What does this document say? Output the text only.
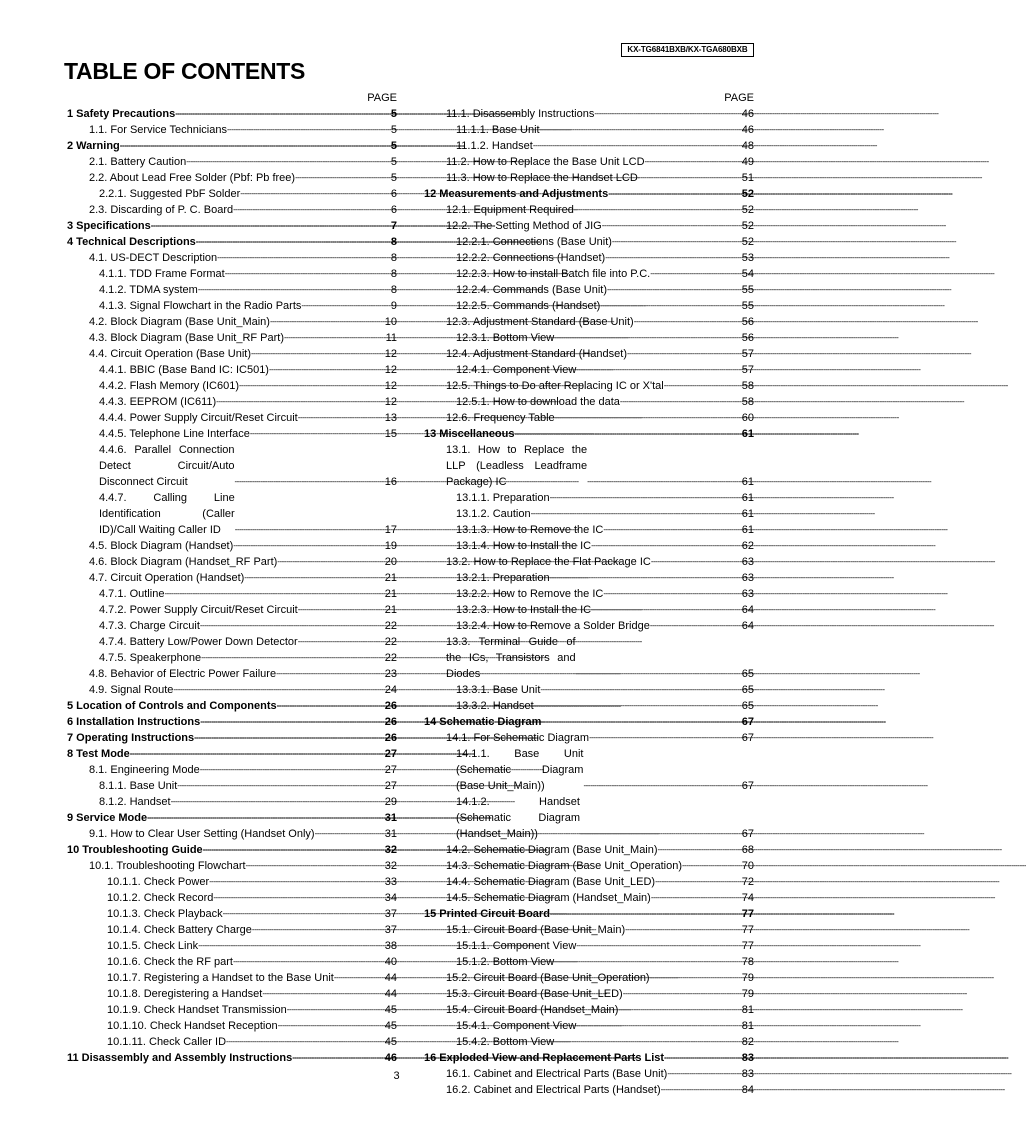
KX-TG6841BXB/KX-TGA680BXB
TABLE OF CONTENTS
PAGE
1 Safety Precautions -----	5
1.1. For Service Technicians -----	5
2 Warning -----	5
2.1. Battery Caution -----	5
2.2. About Lead Free Solder (Pbf: Pb free) -----	5
2.2.1. Suggested PbF Solder -----	6
2.3. Discarding of P. C. Board -----	6
3 Specifications -----	7
4 Technical Descriptions -----	8
4.1. US-DECT Description -----	8
4.1.1. TDD Frame Format -----	8
4.1.2. TDMA system -----	8
4.1.3. Signal Flowchart in the Radio Parts -----	9
4.2. Block Diagram (Base Unit_Main) -----	10
4.3. Block Diagram (Base Unit_RF Part) -----	11
4.4. Circuit Operation (Base Unit) -----	12
4.4.1. BBIC (Base Band IC: IC501) -----	12
4.4.2. Flash Memory (IC601) -----	12
4.4.3. EEPROM (IC611) -----	12
4.4.4. Power Supply Circuit/Reset Circuit -----	13
4.4.5. Telephone Line Interface -----	15
4.4.6. Parallel Connection Detect Circuit/Auto Disconnect Circuit -----	16
4.4.7. Calling Line Identification (Caller ID)/Call Waiting Caller ID -----	17
4.5. Block Diagram (Handset) -----	19
4.6. Block Diagram (Handset_RF Part) -----	20
4.7. Circuit Operation (Handset) -----	21
4.7.1. Outline -----	21
4.7.2. Power Supply Circuit/Reset Circuit -----	21
4.7.3. Charge Circuit -----	22
4.7.4. Battery Low/Power Down Detector -----	22
4.7.5. Speakerphone -----	22
4.8. Behavior of Electric Power Failure -----	23
4.9. Signal Route -----	24
5 Location of Controls and Components -----	26
6 Installation Instructions -----	26
7 Operating Instructions -----	26
8 Test Mode -----	27
8.1. Engineering Mode -----	27
8.1.1. Base Unit -----	27
8.1.2. Handset -----	29
9 Service Mode -----	31
9.1. How to Clear User Setting (Handset Only) -----	31
10 Troubleshooting Guide -----	32
10.1. Troubleshooting Flowchart -----	32
10.1.1. Check Power -----	33
10.1.2. Check Record -----	34
10.1.3. Check Playback -----	37
10.1.4. Check Battery Charge -----	37
10.1.5. Check Link -----	38
10.1.6. Check the RF part -----	40
10.1.7. Registering a Handset to the Base Unit -----	44
10.1.8. Deregistering a Handset -----	44
10.1.9. Check Handset Transmission -----	45
10.1.10. Check Handset Reception -----	45
10.1.11. Check Caller ID -----	45
11 Disassembly and Assembly Instructions -----	46
PAGE
11.1. Disassembly Instructions -----	46
11.1.1. Base Unit -----	46
11.1.2. Handset -----	48
11.2. How to Replace the Base Unit LCD -----	49
11.3. How to Replace the Handset LCD -----	51
12 Measurements and Adjustments -----	52
12.1. Equipment Required -----	52
12.2. The Setting Method of JIG -----	52
12.2.1. Connections (Base Unit) -----	52
12.2.2. Connections (Handset) -----	53
12.2.3. How to install Batch file into P.C. -----	54
12.2.4. Commands (Base Unit) -----	55
12.2.5. Commands (Handset) -----	55
12.3. Adjustment Standard (Base Unit) -----	56
12.3.1. Bottom View -----	56
12.4. Adjustment Standard (Handset) -----	57
12.4.1. Component View -----	57
12.5. Things to Do after Replacing IC or X'tal -----	58
12.5.1. How to download the data -----	58
12.6. Frequency Table -----	60
13 Miscellaneous -----	61
13.1. How to Replace the LLP (Leadless Leadframe Package) IC -----	61
13.1.1. Preparation -----	61
13.1.2. Caution -----	61
13.1.3. How to Remove the IC -----	61
13.1.4. How to Install the IC -----	62
13.2. How to Replace the Flat Package IC -----	63
13.2.1. Preparation -----	63
13.2.2. How to Remove the IC -----	63
13.2.3. How to Install the IC -----	64
13.2.4. How to Remove a Solder Bridge -----	64
13.3. Terminal Guide of the ICs, Transistors and Diodes -----	65
13.3.1. Base Unit -----	65
13.3.2. Handset -----	65
14 Schematic Diagram -----	67
14.1. For Schematic Diagram -----	67
14.1.1. Base Unit (Schematic Diagram (Base Unit_Main)) -----	67
14.1.2. Handset (Schematic Diagram (Handset_Main)) -----	67
14.2. Schematic Diagram (Base Unit_Main) -----	68
14.3. Schematic Diagram (Base Unit_Operation) -----	70
14.4. Schematic Diagram (Base Unit_LED) -----	72
14.5. Schematic Diagram (Handset_Main) -----	74
15 Printed Circuit Board -----	77
15.1. Circuit Board (Base Unit_Main) -----	77
15.1.1. Component View -----	77
15.1.2. Bottom View -----	78
15.2. Circuit Board (Base Unit_Operation) -----	79
15.3. Circuit Board (Base Unit_LED) -----	79
15.4. Circuit Board (Handset_Main) -----	81
15.4.1. Component View -----	81
15.4.2. Bottom View -----	82
16 Exploded View and Replacement Parts List -----	83
16.1. Cabinet and Electrical Parts (Base Unit) -----	83
16.2. Cabinet and Electrical Parts (Handset) -----	84
3
